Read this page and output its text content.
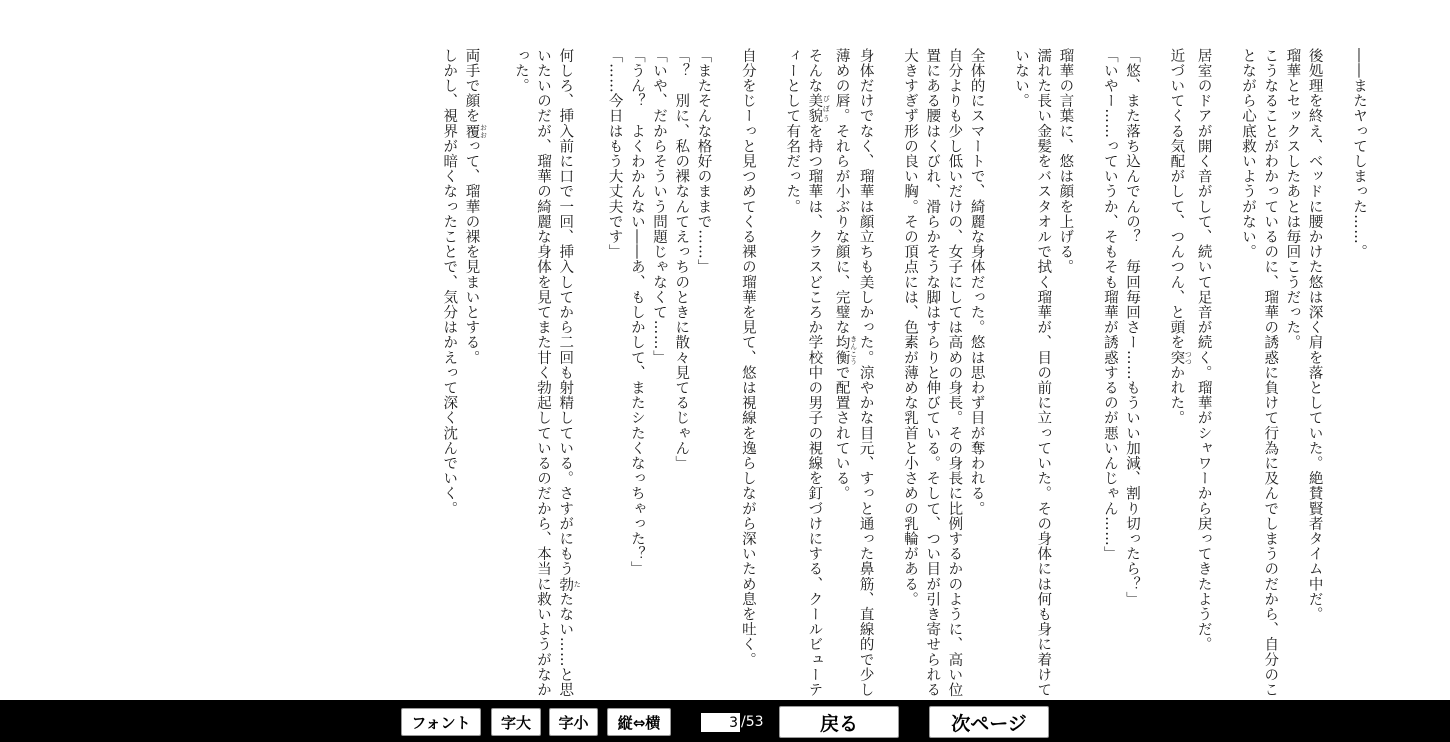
――またヤってしまった……。

後処理を終え、ベッドに腰かけた悠は深く肩を落としていた。絶賛賢者タイム中だ。

瑠華とセックスしたあとは毎回こうだった。

こうなることがわかっているのに、瑠華の誘惑に負けて行為に及んでしまうのだから、自分のことながら心底救いようがない。

居室のドアが開く音がして、続いて足音が続く。瑠華がシャワーから戻ってきたようだ。

近づいてくる気配がして、つんつん、と頭を突 つつかれた。

「悠、また落ち込んでんの？　毎回毎回さー……もういい加減、割り切ったら？」

「いやー……っていうか、そもそも瑠華が誘惑するのが悪いんじゃん……」

瑠華の言葉に、悠は顔を上げる。

濡れた長い金髪をバスタオルで拭く瑠華が、目の前に立っていた。その身体には何も身に着けていない。

全体的にスマートで、綺麗な身体だった。悠は思わず目が奪われる。

自分よりも少し低いだけの、女子にしては高めの身長。その身長に比例するかのように、高い位置にある腰はくびれ、滑らかそうな脚はすらりと伸びている。そして、つい目が引き寄せられる大きすぎず形の良い胸。その頂点には、色素が薄めな乳首と小さめの乳輪がある。

身体だけでなく、瑠華は顔立ちも美しかった。涼やかな目元、すっと通った鼻筋、直線的で少し薄めの唇。それらが小ぶりな顔に、完璧な均衡 きんこうで配置されている。

そんな美貌 びぼうを持つ瑠華は、クラスどころか学校中の男子の視線を釘づけにする、クールビューティーとして有名だった。

自分をじーっと見つめてくる裸の瑠華を見て、悠は視線を逸らしながら深いため息を吐く。

「またそんな格好のままで……」

「？　別に、私の裸なんてえっちのときに散々見てるじゃん」

「いや、だからそういう問題じゃなくて……」

「うん？　よくわかんない――あ、もしかして、またシたくなっちゃった？」

「……今日はもう大丈夫です」

何しろ、挿入前に口で一回、挿入してから二回も射精している。さすがにもう勃 たたない……と思いたいのだが、瑠華の綺麗な身体を見てまた甘く勃起しているのだから、本当に救いようがなかった。

両手で顔を覆 おおって、瑠華の裸を見まいとする。

しかし、視界が暗くなったことで、気分はかえって深く沈んでいく。

フォント	字大	字小	縦⇔横
3	/53	戻る	次ページ
